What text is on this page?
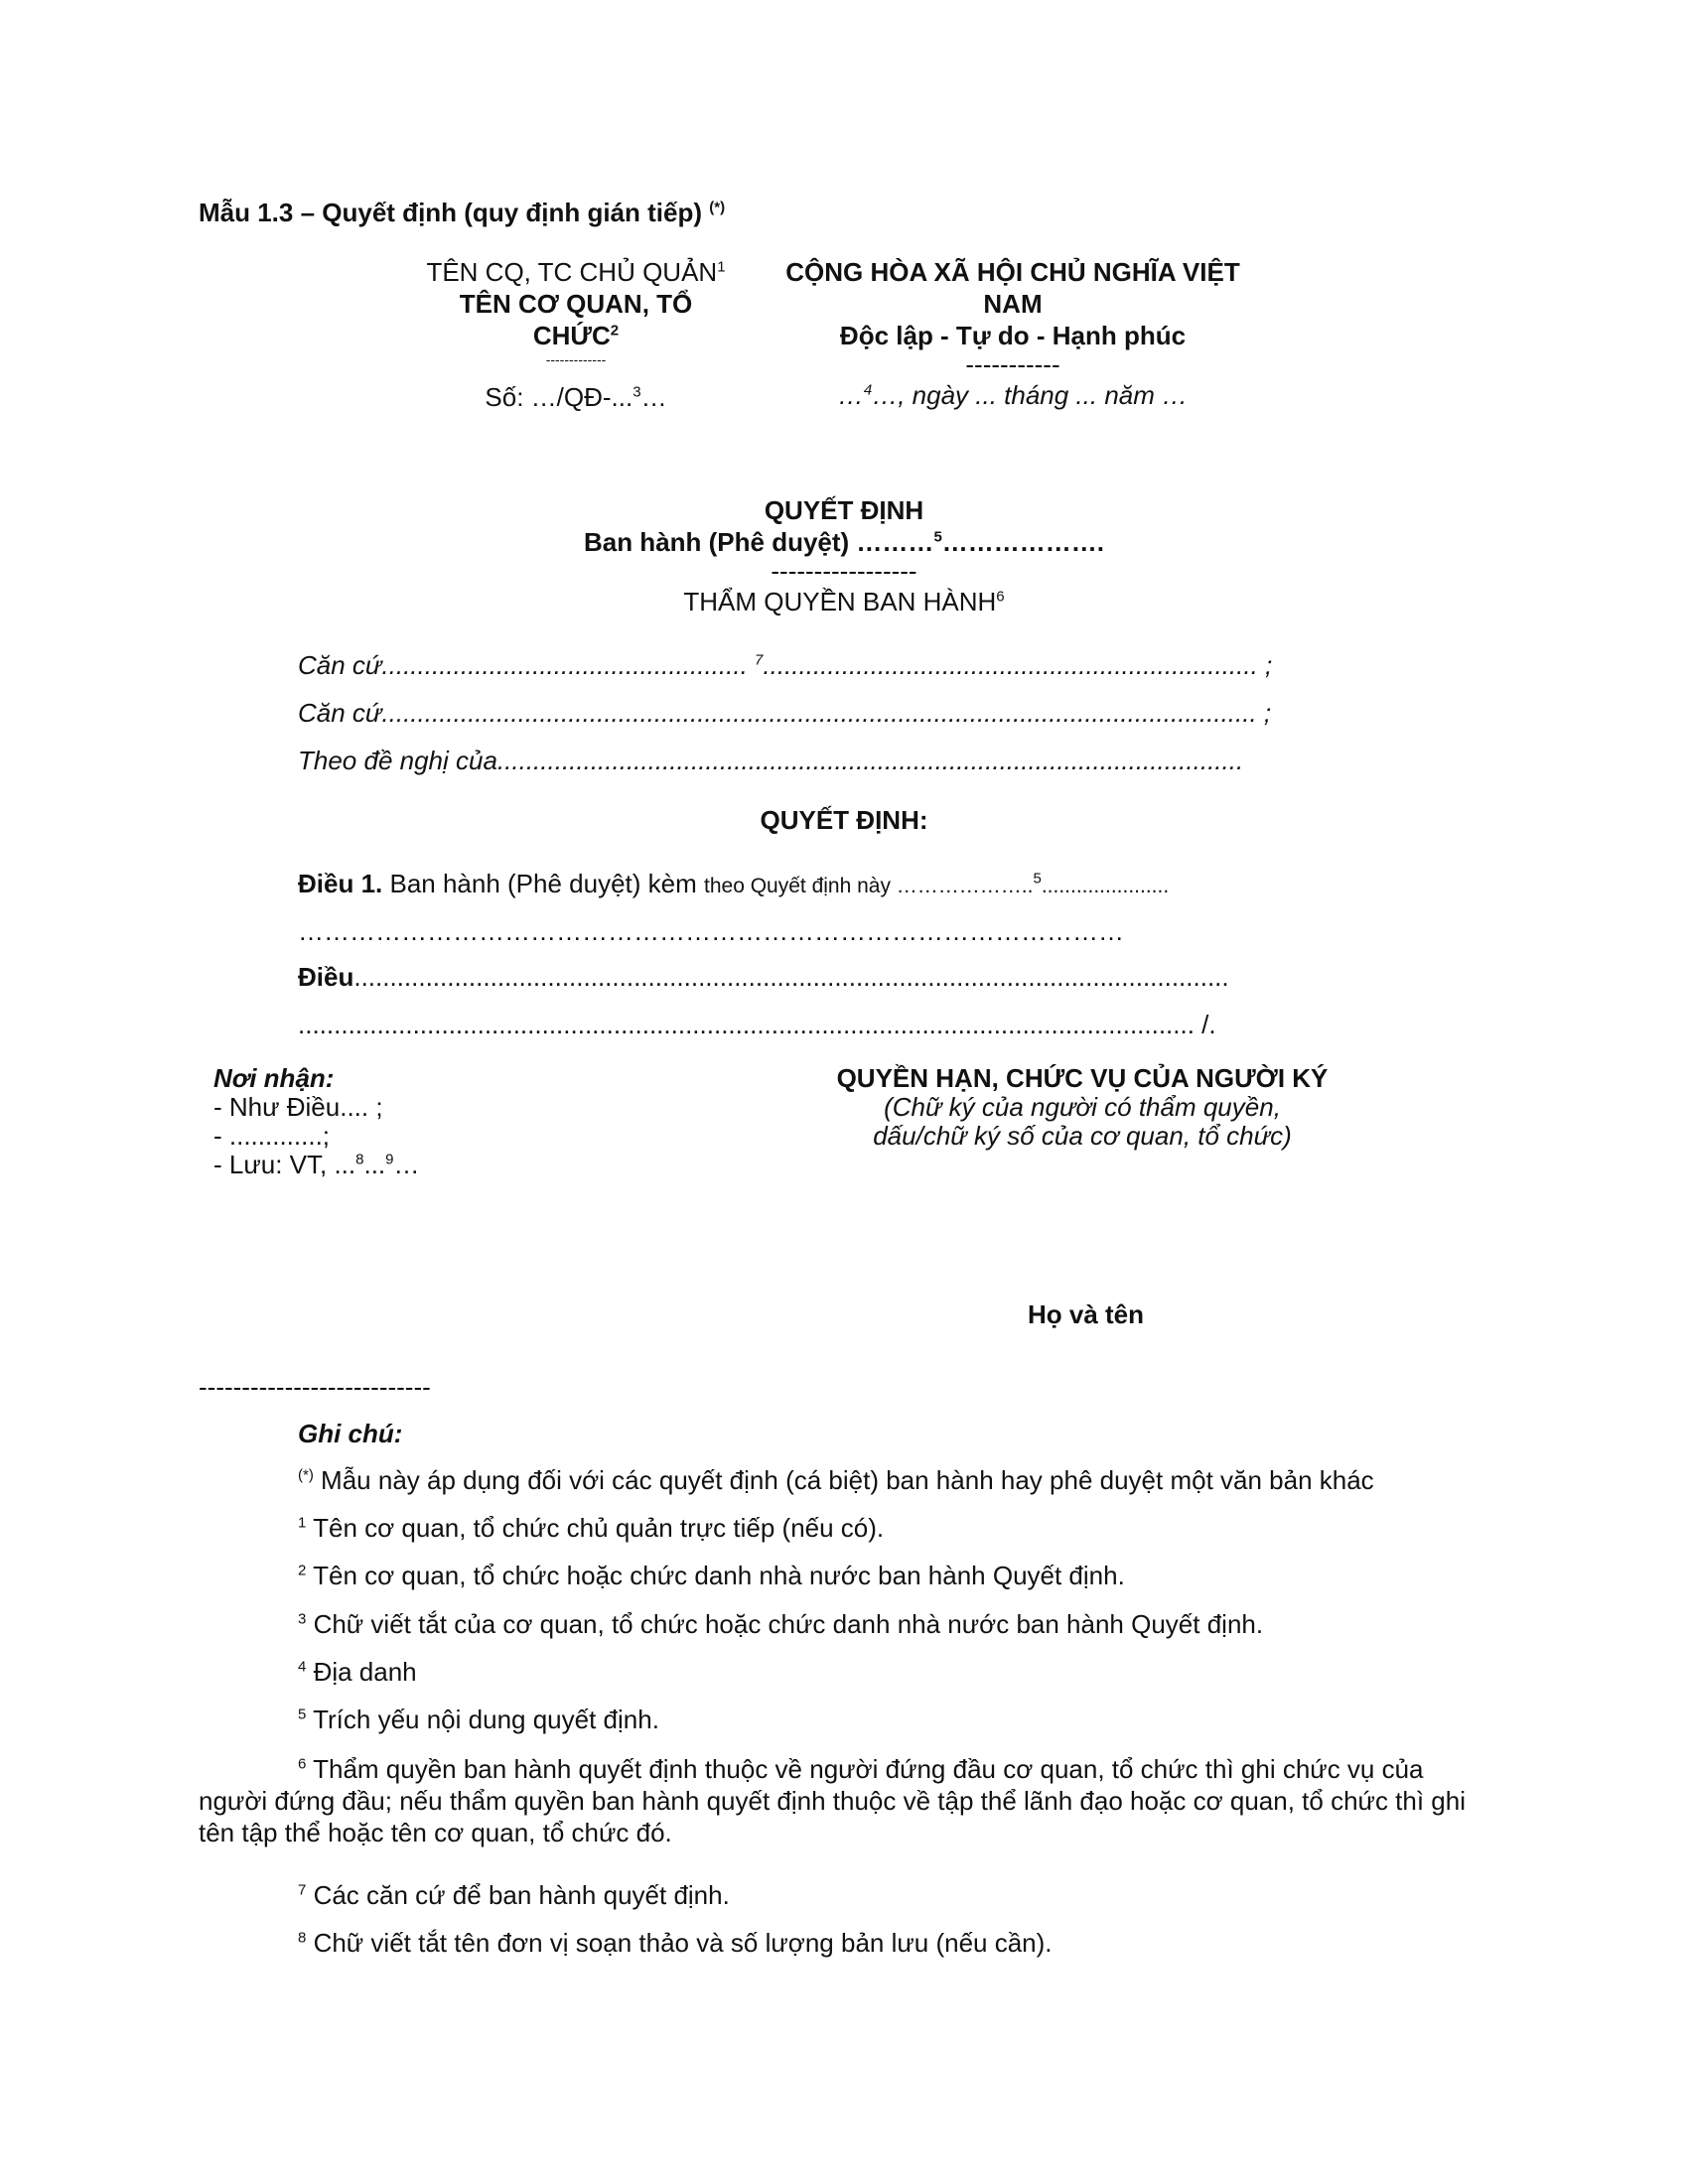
Mẫu 1.3 – Quyết định (quy định gián tiếp) (*)
TÊN CQ, TC CHỦ QUẢN$^1$
TÊN CƠ QUAN, TỔ
CHỨC$^2$
-------------
Số: …/QĐ-...$^3$…
CỘNG HÒA XÃ HỘI CHỦ NGHĨA VIỆT
NAM
Độc lập - Tự do - Hạnh phúc
-----------
…$^4$…, ngày ... tháng ... năm …
QUYẾT ĐỊNH
Ban hành (Phê duyệt) ………$^5$……………….
-----------------
THẨM QUYỀN BAN HÀNH$^6$
Căn cứ................................................... $^7$..................................................................... ;
Căn cứ.......................................................................................................................... ;
Theo đề nghị của........................................................................................................
QUYẾT ĐỊNH:
Điều 1. Ban hành (Phê duyệt) kèm theo Quyết định này ………………..$^5$......................
……………………………………………………………………………………
Điều..........................................................................................................................
............................................................................................................................. /.
Nơi nhận:
- Như Điều.... ;
- .............;
- Lưu: VT, ...$^8$...$^9$…
QUYỀN HẠN, CHỨC VỤ CỦA NGƯỜI KÝ
(Chữ ký của người có thẩm quyền,
dấu/chữ ký số của cơ quan, tổ chức)
Họ và tên
---------------------------
Ghi chú:
(*) Mẫu này áp dụng đối với các quyết định (cá biệt) ban hành hay phê duyệt một văn bản khác
$^1$ Tên cơ quan, tổ chức chủ quản trực tiếp (nếu có).
$^2$ Tên cơ quan, tổ chức hoặc chức danh nhà nước ban hành Quyết định.
$^3$ Chữ viết tắt của cơ quan, tổ chức hoặc chức danh nhà nước ban hành Quyết định.
$^4$ Địa danh
$^5$ Trích yếu nội dung quyết định.
$^6$ Thẩm quyền ban hành quyết định thuộc về người đứng đầu cơ quan, tổ chức thì ghi chức vụ của người đứng đầu; nếu thẩm quyền ban hành quyết định thuộc về tập thể lãnh đạo hoặc cơ quan, tổ chức thì ghi tên tập thể hoặc tên cơ quan, tổ chức đó.
$^7$ Các căn cứ để ban hành quyết định.
$^8$ Chữ viết tắt tên đơn vị soạn thảo và số lượng bản lưu (nếu cần).
